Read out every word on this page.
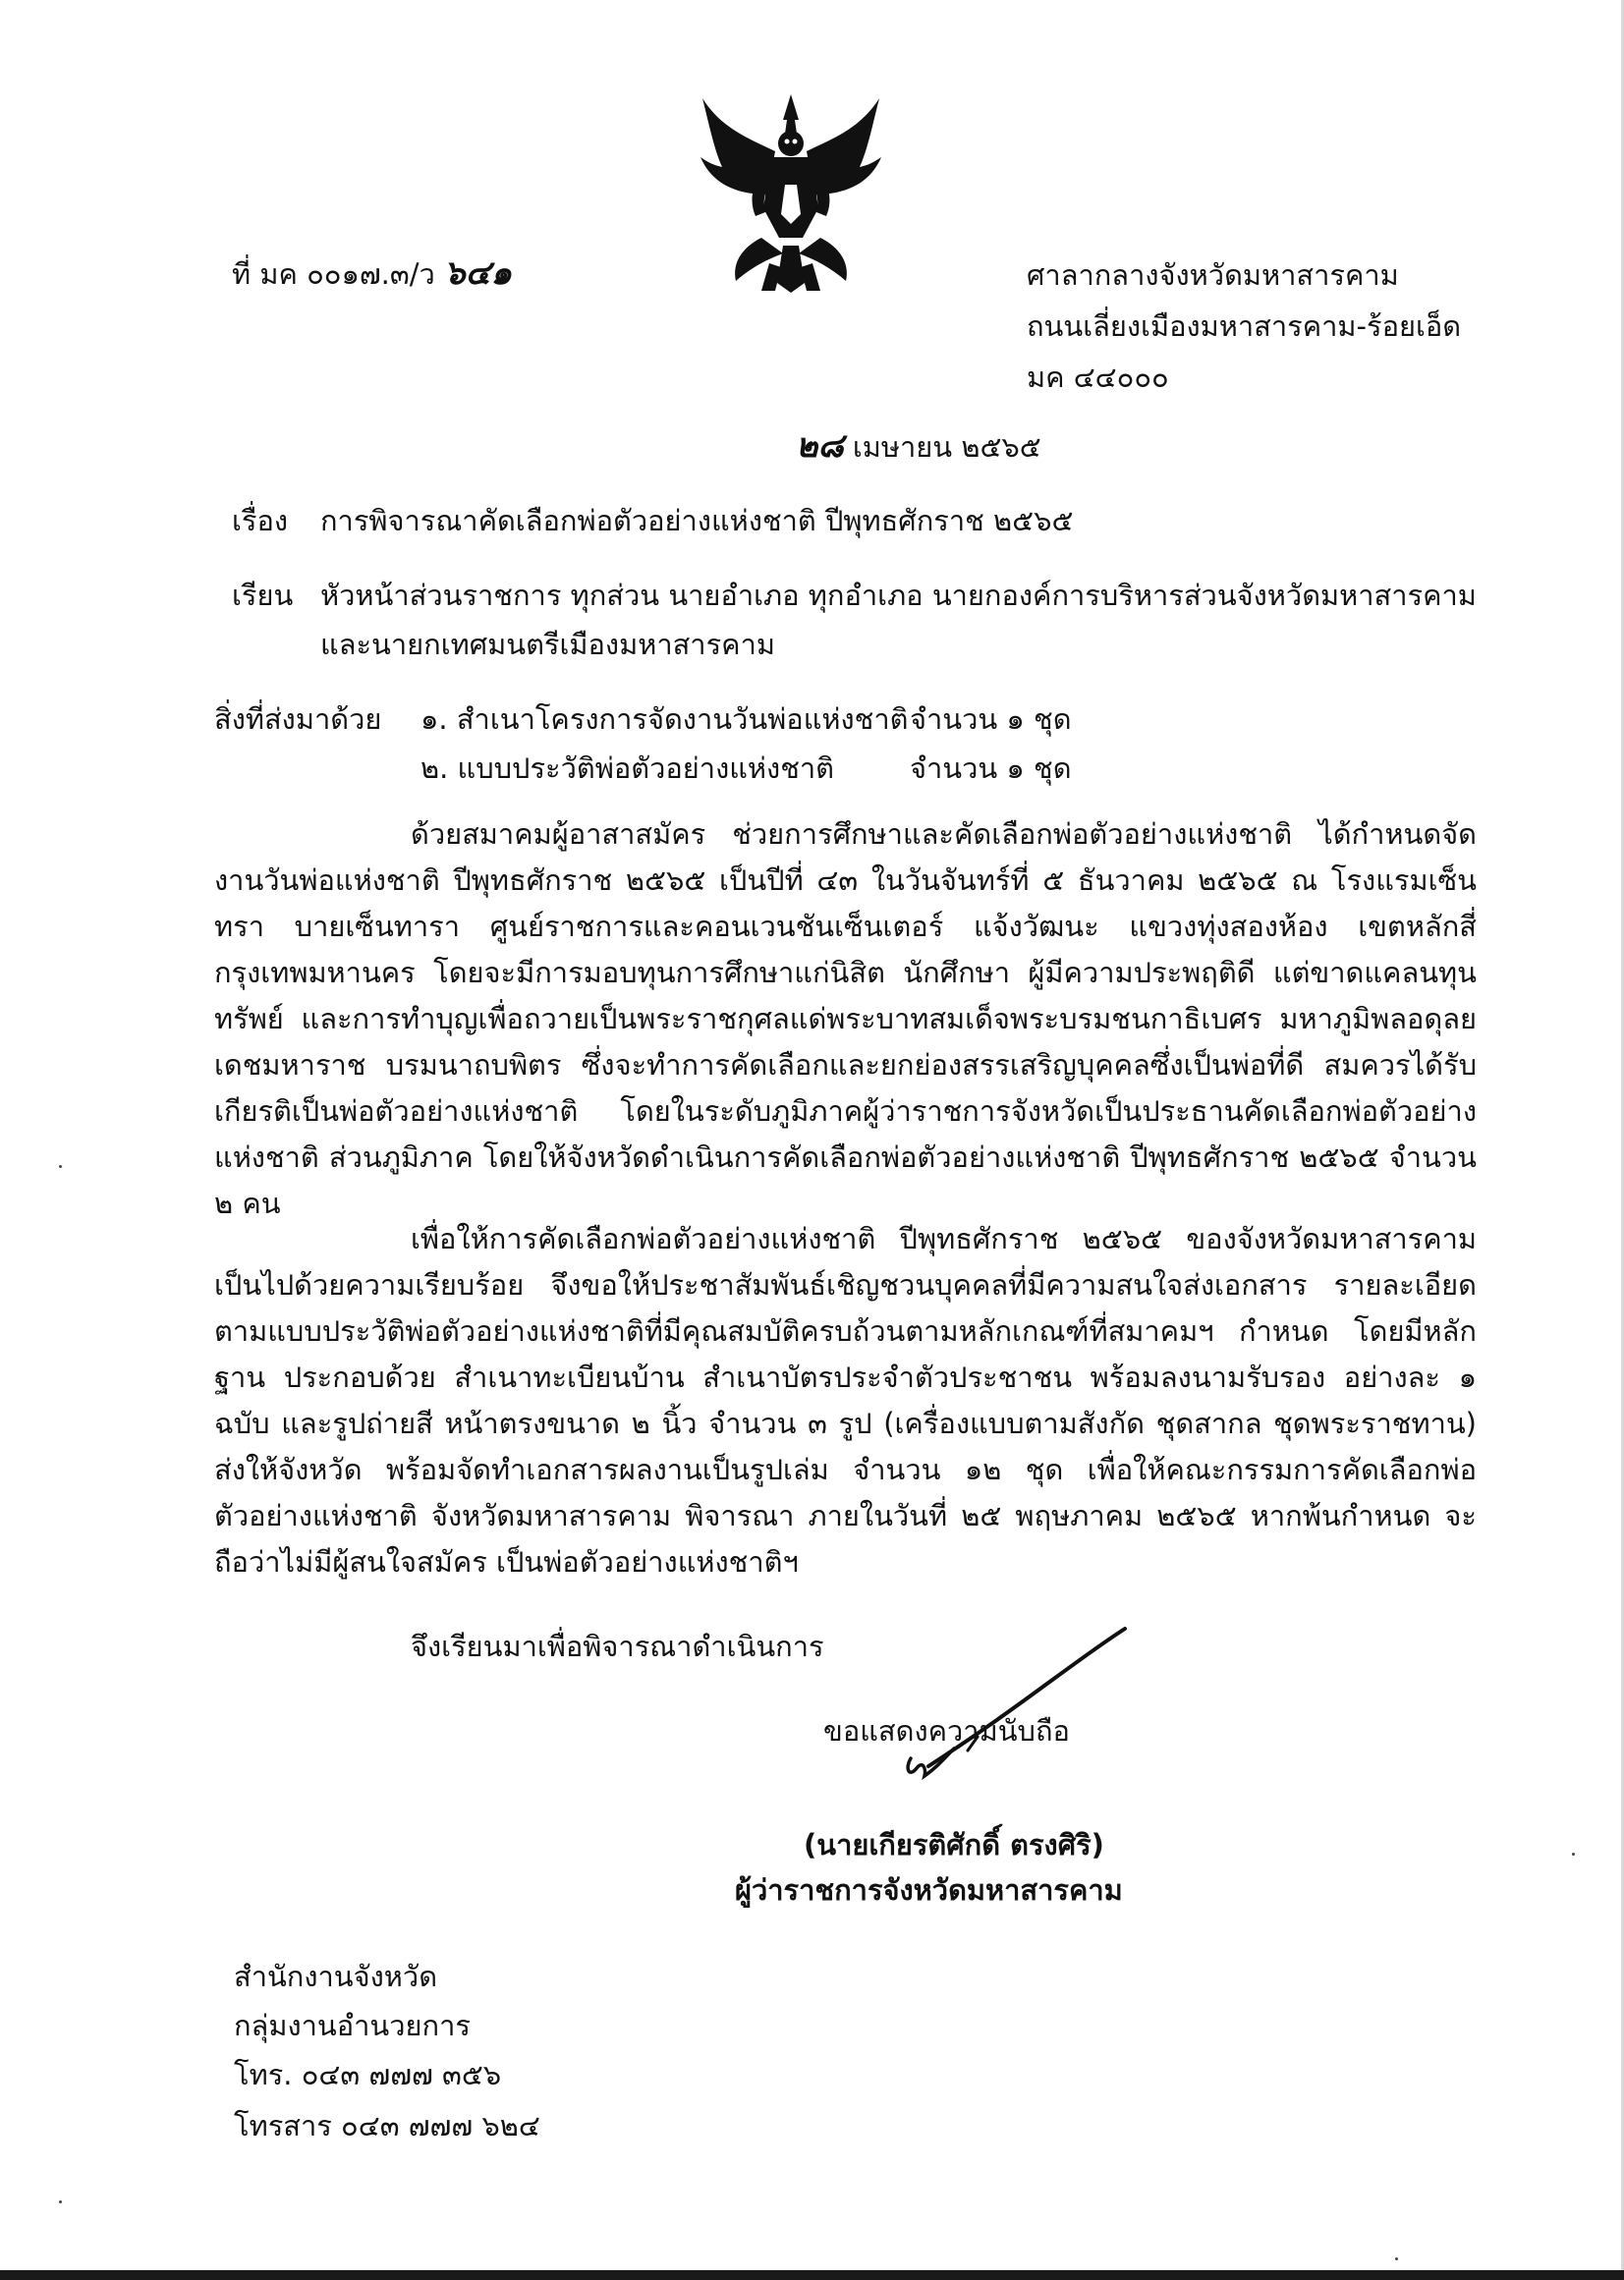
ที่ มค ๐๐๑๗.๓/ว ๖๔๑	ศาลากลางจังหวัดมหาสารคาม
ถนนเลี่ยงเมืองมหาสารคาม-ร้อยเอ็ด
มค ๔๔๐๐๐
๒๘ เมษายน ๒๕๖๕
เรื่อง การพิจารณาคัดเลือกพ่อตัวอย่างแห่งชาติ ปีพุทธศักราช ๒๕๖๕
เรียน หัวหน้าส่วนราชการ ทุกส่วน นายอำเภอ ทุกอำเภอ นายกองค์การบริหารส่วนจังหวัดมหาสารคาม
และนายกเทศมนตรีเมืองมหาสารคาม
สิ่งที่ส่งมาด้วย ๑. สำเนาโครงการจัดงานวันพ่อแห่งชาติ จำนวน ๑ ชุด
๒. แบบประวัติพ่อตัวอย่างแห่งชาติ	จำนวน ๑ ชุด
ด้วยสมาคมผู้อาสาสมัคร ช่วยการศึกษาและคัดเลือกพ่อตัวอย่างแห่งชาติ ได้กำหนดจัดงานวันพ่อแห่งชาติ ปีพุทธศักราช ๒๕๖๕ เป็นปีที่ ๔๓ ในวันจันทร์ที่ ๕ ธันวาคม ๒๕๖๕ ณ โรงแรมเซ็นทรา บายเซ็นทารา ศูนย์ราชการและคอนเวนชันเซ็นเตอร์ แจ้งวัฒนะ แขวงทุ่งสองห้อง เขตหลักสี่ กรุงเทพมหานคร โดยจะมีการมอบทุนการศึกษาแก่นิสิต นักศึกษา ผู้มีความประพฤติดี แต่ขาดแคลนทุนทรัพย์ และการทำบุญเพื่อถวายเป็นพระราชกุศลแด่พระบาทสมเด็จพระบรมชนกาธิเบศร มหาภูมิพลอดุลยเดชมหาราช บรมนาถบพิตร ซึ่งจะทำการคัดเลือกและยกย่องสรรเสริญบุคคลซึ่งเป็นพ่อที่ดี สมควรได้รับเกียรติเป็นพ่อตัวอย่างแห่งชาติ โดยในระดับภูมิภาคผู้ว่าราชการจังหวัดเป็นประธานคัดเลือกพ่อตัวอย่างแห่งชาติ ส่วนภูมิภาค โดยให้จังหวัดดำเนินการคัดเลือกพ่อตัวอย่างแห่งชาติ ปีพุทธศักราช ๒๕๖๕ จำนวน ๒ คน
เพื่อให้การคัดเลือกพ่อตัวอย่างแห่งชาติ ปีพุทธศักราช ๒๕๖๕ ของจังหวัดมหาสารคาม เป็นไปด้วยความเรียบร้อย จึงขอให้ประชาสัมพันธ์เชิญชวนบุคคลที่มีความสนใจส่งเอกสาร รายละเอียด ตามแบบประวัติพ่อตัวอย่างแห่งชาติที่มีคุณสมบัติครบถ้วนตามหลักเกณฑ์ที่สมาคมฯ กำหนด โดยมีหลักฐาน ประกอบด้วย สำเนาทะเบียนบ้าน สำเนาบัตรประจำตัวประชาชน พร้อมลงนามรับรอง อย่างละ ๑ ฉบับ และรูปถ่ายสี หน้าตรงขนาด ๒ นิ้ว จำนวน ๓ รูป (เครื่องแบบตามสังกัด ชุดสากล ชุดพระราชทาน) ส่งให้จังหวัด พร้อมจัดทำเอกสารผลงานเป็นรูปเล่ม จำนวน ๑๒ ชุด เพื่อให้คณะกรรมการคัดเลือกพ่อตัวอย่างแห่งชาติ จังหวัดมหาสารคาม พิจารณา ภายในวันที่ ๒๕ พฤษภาคม ๒๕๖๕ หากพ้นกำหนด จะถือว่าไม่มีผู้สนใจสมัคร เป็นพ่อตัวอย่างแห่งชาติฯ
จึงเรียนมาเพื่อพิจารณาดำเนินการ
ขอแสดงความนับถือ
(นายเกียรติศักดิ์ ตรงศิริ)
ผู้ว่าราชการจังหวัดมหาสารคาม
สำนักงานจังหวัด
กลุ่มงานอำนวยการ
โทร. ๐๔๓ ๗๗๗ ๓๕๖
โทรสาร ๐๔๓ ๗๗๗ ๖๒๔
